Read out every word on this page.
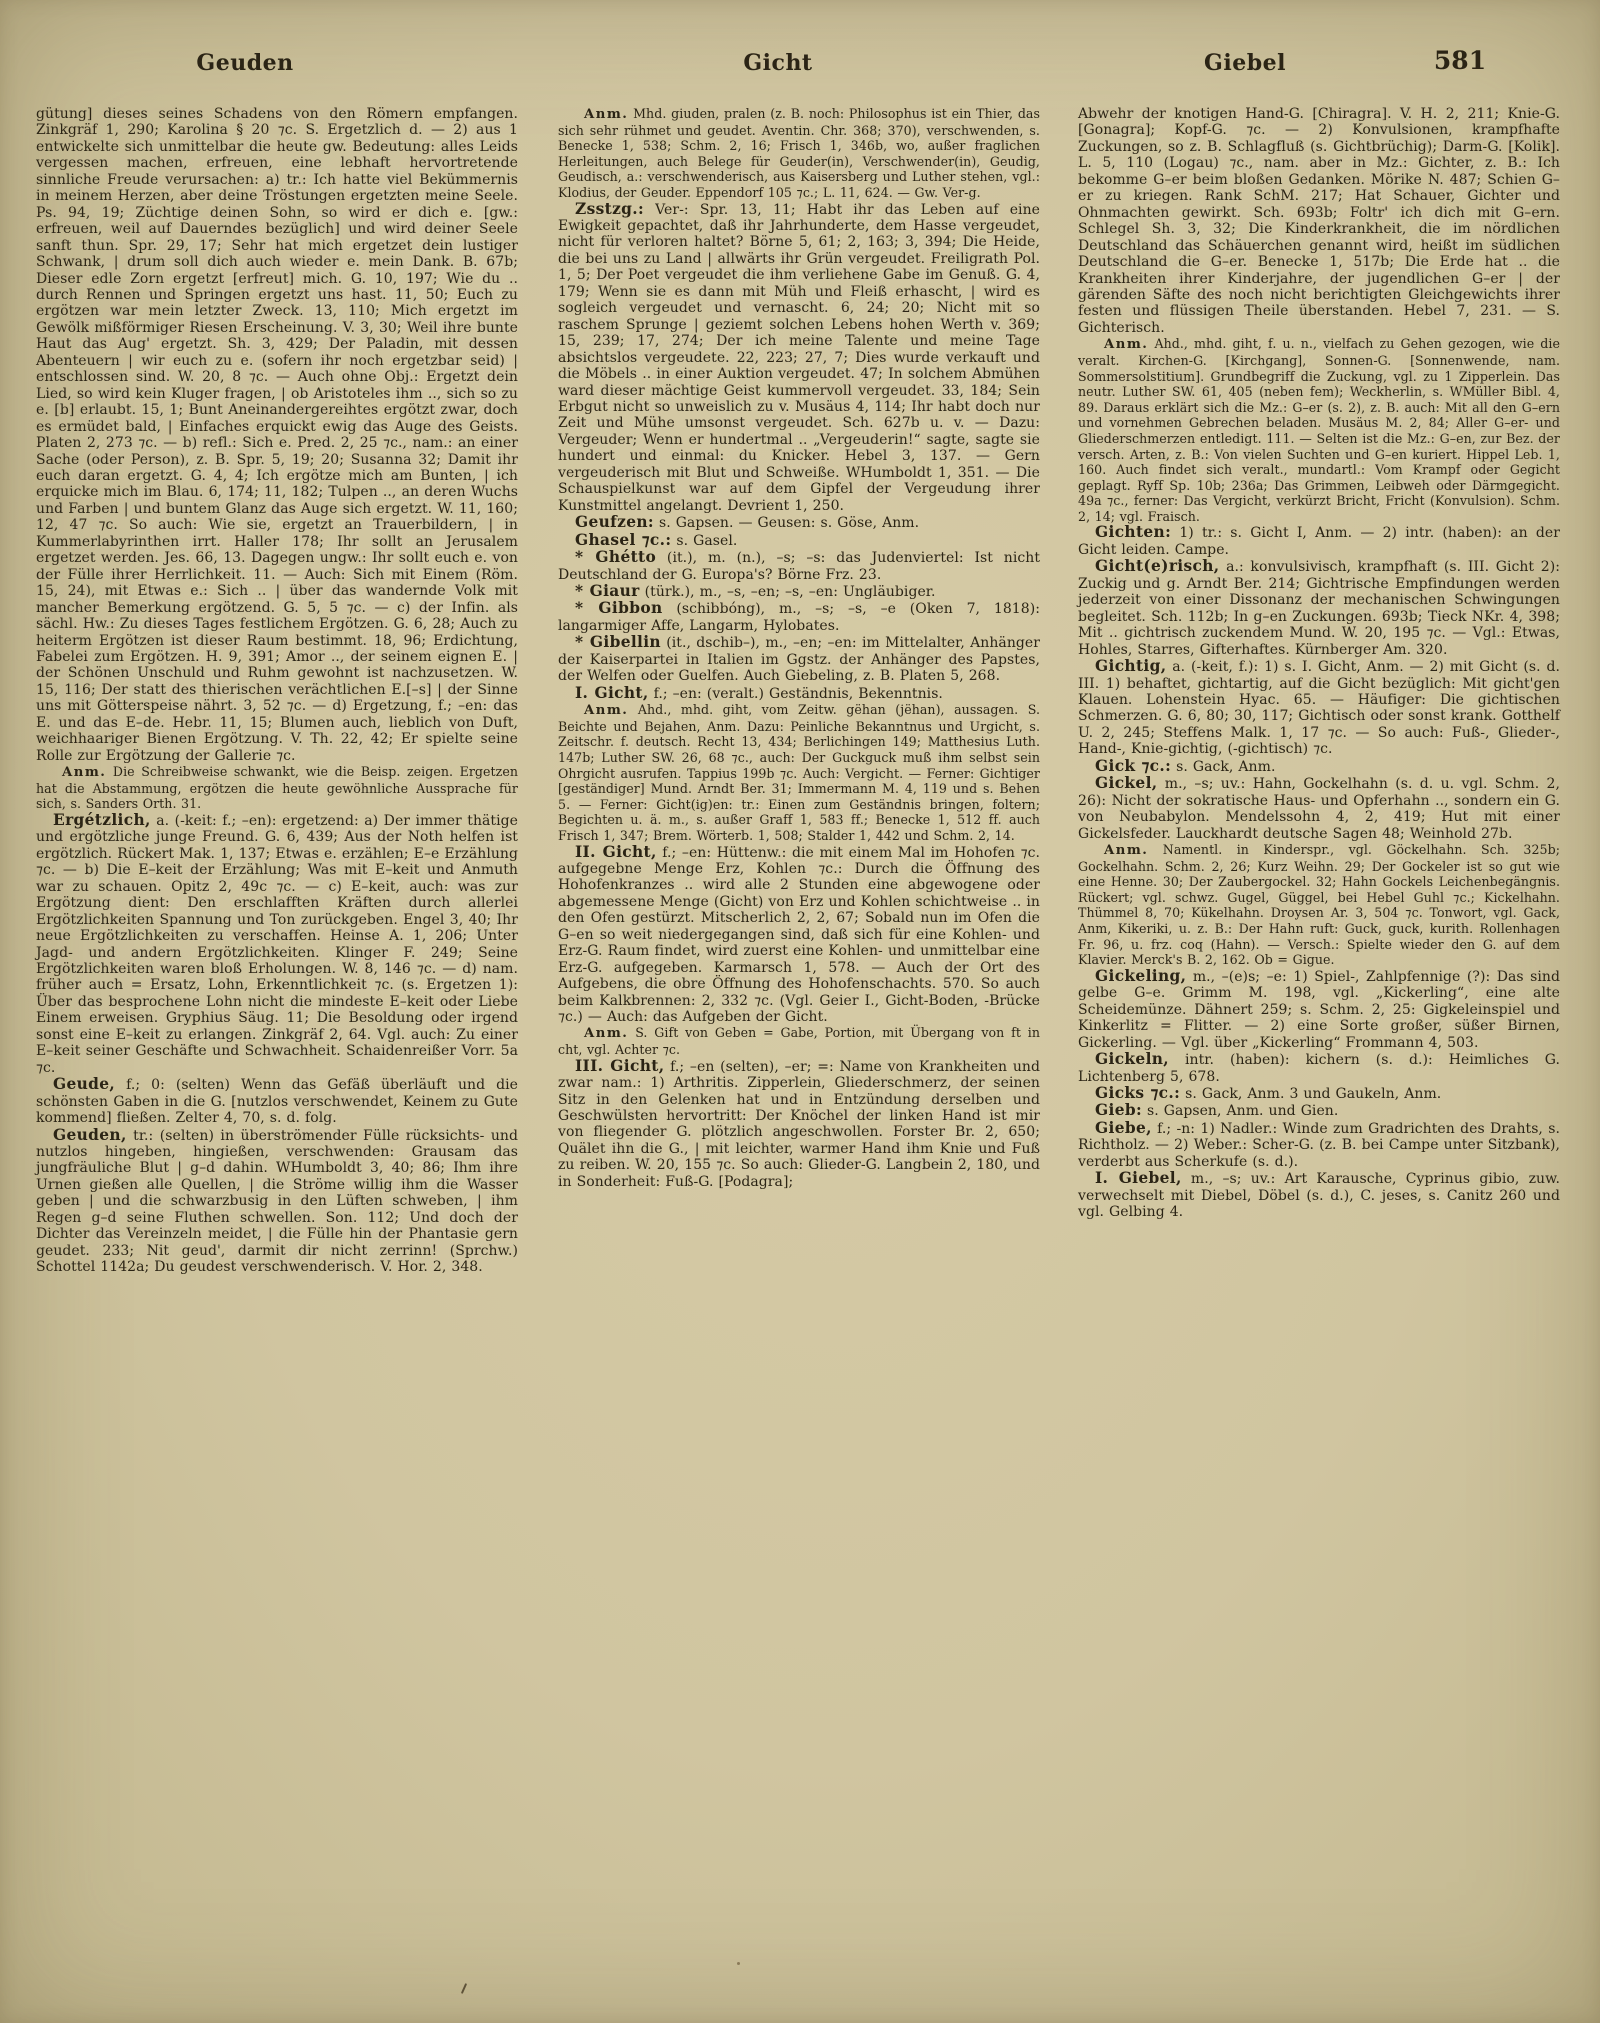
Geuden	Gicht	Giebel	581

gütung] dieses seines Schadens von den Römern empfangen. Zinkgräf 1, 290; Karolina § 20 ⁊c. S. Ergetzlich d. — 2) aus 1 entwickelte sich unmittelbar die heute gw. Bedeutung: alles Leids vergessen machen, erfreuen, eine lebhaft hervortretende sinnliche Freude verursachen: a) tr.: Ich hatte viel Bekümmernis in meinem Herzen, aber deine Tröstungen ergetzten meine Seele. Ps. 94, 19; Züchtige deinen Sohn, so wird er dich e. [gw.: erfreuen, weil auf Dauerndes bezüglich] und wird deiner Seele sanft thun. Spr. 29, 17; Sehr hat mich ergetzet dein lustiger Schwank, | drum soll dich auch wieder e. mein Dank. B. 67b; Dieser edle Zorn ergetzt [erfreut] mich. G. 10, 197; Wie du .. durch Rennen und Springen ergetzt uns hast. 11, 50; Euch zu ergötzen war mein letzter Zweck. 13, 110; Mich ergetzt im Gewölk mißförmiger Riesen Erscheinung. V. 3, 30; Weil ihre bunte Haut das Aug' ergetzt. Sh. 3, 429; Der Paladin, mit dessen Abenteuern | wir euch zu e. (sofern ihr noch ergetzbar seid) | entschlossen sind. W. 20, 8 ⁊c. — Auch ohne Obj.: Ergetzt dein Lied, so wird kein Kluger fragen, | ob Aristoteles ihm .., sich so zu e. [b] erlaubt. 15, 1; Bunt Aneinandergereihtes ergötzt zwar, doch es ermüdet bald, | Einfaches erquickt ewig das Auge des Geists. Platen 2, 273 ⁊c. — b) refl.: Sich e. Pred. 2, 25 ⁊c., nam.: an einer Sache (oder Person), z. B. Spr. 5, 19; 20; Susanna 32; Damit ihr euch daran ergetzt. G. 4, 4; Ich ergötze mich am Bunten, | ich erquicke mich im Blau. 6, 174; 11, 182; Tulpen .., an deren Wuchs und Farben | und buntem Glanz das Auge sich ergetzt. W. 11, 160; 12, 47 ⁊c. So auch: Wie sie, ergetzt an Trauerbildern, | in Kummerlabyrinthen irrt. Haller 178; Ihr sollt an Jerusalem ergetzet werden. Jes. 66, 13. Dagegen ungw.: Ihr sollt euch e. von der Fülle ihrer Herrlichkeit. 11. — Auch: Sich mit Einem (Röm. 15, 24), mit Etwas e.: Sich .. | über das wandernde Volk mit mancher Bemerkung ergötzend. G. 5, 5 ⁊c. — c) der Infin. als sächl. Hw.: Zu dieses Tages festlichem Ergötzen. G. 6, 28; Auch zu heiterm Ergötzen ist dieser Raum bestimmt. 18, 96; Erdichtung, Fabelei zum Ergötzen. H. 9, 391; Amor .., der seinem eignen E. | der Schönen Unschuld und Ruhm gewohnt ist nachzusetzen. W. 15, 116; Der statt des thierischen verächtlichen E.[–s] | der Sinne uns mit Götterspeise nährt. 3, 52 ⁊c. — d) Ergetzung, f.; –en: das E. und das E–de. Hebr. 11, 15; Blumen auch, lieblich von Duft, weichhaariger Bienen Ergötzung. V. Th. 22, 42; Er spielte seine Rolle zur Ergötzung der Gallerie ⁊c.

Anm. Die Schreibweise schwankt, wie die Beisp. zeigen. Ergetzen hat die Abstammung, ergötzen die heute gewöhnliche Aussprache für sich, s. Sanders Orth. 31.

Ergétzlich, a. (-keit: f.; –en): ergetzend: a) Der immer thätige und ergötzliche junge Freund. G. 6, 439; Aus der Noth helfen ist ergötzlich. Rückert Mak. 1, 137; Etwas e. erzählen; E–e Erzählung ⁊c. — b) Die E–keit der Erzählung; Was mit E–keit und Anmuth war zu schauen. Opitz 2, 49c ⁊c. — c) E–keit, auch: was zur Ergötzung dient: Den erschlafften Kräften durch allerlei Ergötzlichkeiten Spannung und Ton zurückgeben. Engel 3, 40; Ihr neue Ergötzlichkeiten zu verschaffen. Heinse A. 1, 206; Unter Jagd- und andern Ergötzlichkeiten. Klinger F. 249; Seine Ergötzlichkeiten waren bloß Erholungen. W. 8, 146 ⁊c. — d) nam. früher auch = Ersatz, Lohn, Erkenntlichkeit ⁊c. (s. Ergetzen 1): Über das besprochene Lohn nicht die mindeste E–keit oder Liebe Einem erweisen. Gryphius Säug. 11; Die Besoldung oder irgend sonst eine E–keit zu erlangen. Zinkgräf 2, 64. Vgl. auch: Zu einer E–keit seiner Geschäfte und Schwachheit. Schaidenreißer Vorr. 5a ⁊c.

Geude, f.; 0: (selten) Wenn das Gefäß überläuft und die schönsten Gaben in die G. [nutzlos verschwendet, Keinem zu Gute kommend] fließen. Zelter 4, 70, s. d. folg.

Geuden, tr.: (selten) in überströmender Fülle rücksichts- und nutzlos hingeben, hingießen, verschwenden: Grausam das jungfräuliche Blut | g–d dahin. WHumboldt 3, 40; 86; Ihm ihre Urnen gießen alle Quellen, | die Ströme willig ihm die Wasser geben | und die schwarzbusig in den Lüften schweben, | ihm Regen g–d seine Fluthen schwellen. Son. 112; Und doch der Dichter das Vereinzeln meidet, | die Fülle hin der Phantasie gern geudet. 233; Nit geud', darmit dir nicht zerrinn! (Sprchw.) Schottel 1142a; Du geudest verschwenderisch. V. Hor. 2, 348.

Anm. Mhd. giuden, pralen (z. B. noch: Philosophus ist ein Thier, das sich sehr rühmet und geudet. Aventin. Chr. 368; 370), verschwenden, s. Benecke 1, 538; Schm. 2, 16; Frisch 1, 346b, wo, außer fraglichen Herleitungen, auch Belege für Geuder(in), Verschwender(in), Geudig, Geudisch, a.: verschwenderisch, aus Kaisersberg und Luther stehen, vgl.: Klodius, der Geuder. Eppendorf 105 ⁊c.; L. 11, 624. — Gw. Ver-g.

Zsstzg.: Ver-: Spr. 13, 11; Habt ihr das Leben auf eine Ewigkeit gepachtet, daß ihr Jahrhunderte, dem Hasse vergeudet, nicht für verloren haltet? Börne 5, 61; 2, 163; 3, 394; Die Heide, die bei uns zu Land | allwärts ihr Grün vergeudet. Freiligrath Pol. 1, 5; Der Poet vergeudet die ihm verliehene Gabe im Genuß. G. 4, 179; Wenn sie es dann mit Müh und Fleiß erhascht, | wird es sogleich vergeudet und vernascht. 6, 24; 20; Nicht mit so raschem Sprunge | geziemt solchen Lebens hohen Werth v. 369; 15, 239; 17, 274; Der ich meine Talente und meine Tage absichtslos vergeudete. 22, 223; 27, 7; Dies wurde verkauft und die Möbels .. in einer Auktion vergeudet. 47; In solchem Abmühen ward dieser mächtige Geist kummervoll vergeudet. 33, 184; Sein Erbgut nicht so unweislich zu v. Musäus 4, 114; Ihr habt doch nur Zeit und Mühe umsonst vergeudet. Sch. 627b u. v. — Dazu: Vergeuder; Wenn er hundertmal .. „Vergeuderin!“ sagte, sagte sie hundert und einmal: du Knicker. Hebel 3, 137. — Gern vergeuderisch mit Blut und Schweiße. WHumboldt 1, 351. — Die Schauspielkunst war auf dem Gipfel der Vergeudung ihrer Kunstmittel angelangt. Devrient 1, 250.

Geufzen: s. Gapsen. — Geusen: s. Göse, Anm.

Ghasel ⁊c.: s. Gasel.

* Ghétto (it.), m. (n.), –s; –s: das Judenviertel: Ist nicht Deutschland der G. Europa's? Börne Frz. 23.

* Giaur (türk.), m., –s, –en; –s, –en: Ungläubiger.

* Gibbon (schibbóng), m., –s; –s, –e (Oken 7, 1818): langarmiger Affe, Langarm, Hylobates.

* Gibellin (it., dschib–), m., –en; –en: im Mittelalter, Anhänger der Kaiserpartei in Italien im Ggstz. der Anhänger des Papstes, der Welfen oder Guelfen. Auch Giebeling, z. B. Platen 5, 268.

I. Gicht, f.; –en: (veralt.) Geständnis, Bekenntnis.

Anm. Ahd., mhd. giht, vom Zeitw. gëhan (jëhan), aussagen. S. Beichte und Bejahen, Anm. Dazu: Peinliche Bekanntnus und Urgicht, s. Zeitschr. f. deutsch. Recht 13, 434; Berlichingen 149; Matthesius Luth. 147b; Luther SW. 26, 68 ⁊c., auch: Der Guckguck muß ihm selbst sein Ohrgicht ausrufen. Tappius 199b ⁊c. Auch: Vergicht. — Ferner: Gichtiger [geständiger] Mund. Arndt Ber. 31; Immermann M. 4, 119 und s. Behen 5. — Ferner: Gicht(ig)en: tr.: Einen zum Geständnis bringen, foltern; Begichten u. ä. m., s. außer Graff 1, 583 ff.; Benecke 1, 512 ff. auch Frisch 1, 347; Brem. Wörterb. 1, 508; Stalder 1, 442 und Schm. 2, 14.

II. Gicht, f.; –en: Hüttenw.: die mit einem Mal im Hohofen ⁊c. aufgegebne Menge Erz, Kohlen ⁊c.: Durch die Öffnung des Hohofenkranzes .. wird alle 2 Stunden eine abgewogene oder abgemessene Menge (Gicht) von Erz und Kohlen schichtweise .. in den Ofen gestürzt. Mitscherlich 2, 2, 67; Sobald nun im Ofen die G–en so weit niedergegangen sind, daß sich für eine Kohlen- und Erz-G. Raum findet, wird zuerst eine Kohlen- und unmittelbar eine Erz-G. aufgegeben. Karmarsch 1, 578. — Auch der Ort des Aufgebens, die obre Öffnung des Hohofenschachts. 570. So auch beim Kalkbrennen: 2, 332 ⁊c. (Vgl. Geier I., Gicht-Boden, -Brücke ⁊c.) — Auch: das Aufgeben der Gicht.

Anm. S. Gift von Geben = Gabe, Portion, mit Übergang von ft in cht, vgl. Achter ⁊c.

III. Gicht, f.; –en (selten), –er; =: Name von Krankheiten und zwar nam.: 1) Arthritis. Zipperlein, Gliederschmerz, der seinen Sitz in den Gelenken hat und in Entzündung derselben und Geschwülsten hervortritt: Der Knöchel der linken Hand ist mir von fliegender G. plötzlich angeschwollen. Forster Br. 2, 650; Quälet ihn die G., | mit leichter, warmer Hand ihm Knie und Fuß zu reiben. W. 20, 155 ⁊c. So auch: Glieder-G. Langbein 2, 180, und in Sonderheit: Fuß-G. [Podagra];

Abwehr der knotigen Hand-G. [Chiragra]. V. H. 2, 211; Knie-G. [Gonagra]; Kopf-G. ⁊c. — 2) Konvulsionen, krampfhafte Zuckungen, so z. B. Schlagfluß (s. Gichtbrüchig); Darm-G. [Kolik]. L. 5, 110 (Logau) ⁊c., nam. aber in Mz.: Gichter, z. B.: Ich bekomme G–er beim bloßen Gedanken. Mörike N. 487; Schien G–er zu kriegen. Rank SchM. 217; Hat Schauer, Gichter und Ohnmachten gewirkt. Sch. 693b; Foltr' ich dich mit G–ern. Schlegel Sh. 3, 32; Die Kinderkrankheit, die im nördlichen Deutschland das Schäuerchen genannt wird, heißt im südlichen Deutschland die G–er. Benecke 1, 517b; Die Erde hat .. die Krankheiten ihrer Kinderjahre, der jugendlichen G–er | der gärenden Säfte des noch nicht berichtigten Gleichgewichts ihrer festen und flüssigen Theile überstanden. Hebel 7, 231. — S. Gichterisch.

Anm. Ahd., mhd. giht, f. u. n., vielfach zu Gehen gezogen, wie die veralt. Kirchen-G. [Kirchgang], Sonnen-G. [Sonnenwende, nam. Sommersolstitium]. Grundbegriff die Zuckung, vgl. zu 1 Zipperlein. Das neutr. Luther SW. 61, 405 (neben fem); Weckherlin, s. WMüller Bibl. 4, 89. Daraus erklärt sich die Mz.: G–er (s. 2), z. B. auch: Mit all den G–ern und vornehmen Gebrechen beladen. Musäus M. 2, 84; Aller G–er- und Gliederschmerzen entledigt. 111. — Selten ist die Mz.: G–en, zur Bez. der versch. Arten, z. B.: Von vielen Suchten und G–en kuriert. Hippel Leb. 1, 160. Auch findet sich veralt., mundartl.: Vom Krampf oder Gegicht geplagt. Ryff Sp. 10b; 236a; Das Grimmen, Leibweh oder Därmgegicht. 49a ⁊c., ferner: Das Vergicht, verkürzt Bricht, Fricht (Konvulsion). Schm. 2, 14; vgl. Fraisch.

Gichten: 1) tr.: s. Gicht I, Anm. — 2) intr. (haben): an der Gicht leiden. Campe.

Gicht(e)risch, a.: konvulsivisch, krampfhaft (s. III. Gicht 2): Zuckig und g. Arndt Ber. 214; Gichtrische Empfindungen werden jederzeit von einer Dissonanz der mechanischen Schwingungen begleitet. Sch. 112b; In g–en Zuckungen. 693b; Tieck NKr. 4, 398; Mit .. gichtrisch zuckendem Mund. W. 20, 195 ⁊c. — Vgl.: Etwas, Hohles, Starres, Gifterhaftes. Kürnberger Am. 320.

Gichtig, a. (-keit, f.): 1) s. I. Gicht, Anm. — 2) mit Gicht (s. d. III. 1) behaftet, gichtartig, auf die Gicht bezüglich: Mit gicht'gen Klauen. Lohenstein Hyac. 65. — Häufiger: Die gichtischen Schmerzen. G. 6, 80; 30, 117; Gichtisch oder sonst krank. Gotthelf U. 2, 245; Steffens Malk. 1, 17 ⁊c. — So auch: Fuß-, Glieder-, Hand-, Knie-gichtig, (-gichtisch) ⁊c.

Gick ⁊c.: s. Gack, Anm.

Gickel, m., –s; uv.: Hahn, Gockelhahn (s. d. u. vgl. Schm. 2, 26): Nicht der sokratische Haus- und Opferhahn .., sondern ein G. von Neubabylon. Mendelssohn 4, 2, 419; Hut mit einer Gickelsfeder. Lauckhardt deutsche Sagen 48; Weinhold 27b.

Anm. Namentl. in Kinderspr., vgl. Göckelhahn. Sch. 325b; Gockelhahn. Schm. 2, 26; Kurz Weihn. 29; Der Gockeler ist so gut wie eine Henne. 30; Der Zaubergockel. 32; Hahn Gockels Leichenbegängnis. Rückert; vgl. schwz. Gugel, Güggel, bei Hebel Guhl ⁊c.; Kickelhahn. Thümmel 8, 70; Kükelhahn. Droysen Ar. 3, 504 ⁊c. Tonwort, vgl. Gack, Anm, Kikeriki, u. z. B.: Der Hahn ruft: Guck, guck, kurith. Rollenhagen Fr. 96, u. frz. coq (Hahn). — Versch.: Spielte wieder den G. auf dem Klavier. Merck's B. 2, 162. Ob = Gigue.

Gickeling, m., –(e)s; –e: 1) Spiel-, Zahlpfennige (?): Das sind gelbe G–e. Grimm M. 198, vgl. „Kickerling“, eine alte Scheidemünze. Dähnert 259; s. Schm. 2, 25: Gigkeleinspiel und Kinkerlitz = Flitter. — 2) eine Sorte großer, süßer Birnen, Gickerling. — Vgl. über „Kickerling“ Frommann 4, 503.

Gickeln, intr. (haben): kichern (s. d.): Heimliches G. Lichtenberg 5, 678.

Gicks ⁊c.: s. Gack, Anm. 3 und Gaukeln, Anm.

Gieb: s. Gapsen, Anm. und Gien.

Giebe, f.; -n: 1) Nadler.: Winde zum Gradrichten des Drahts, s. Richtholz. — 2) Weber.: Scher-G. (z. B. bei Campe unter Sitzbank), verderbt aus Scherkufe (s. d.).

I. Giebel, m., –s; uv.: Art Karausche, Cyprinus gibio, zuw. verwechselt mit Diebel, Döbel (s. d.), C. jeses, s. Canitz 260 und vgl. Gelbing 4.
